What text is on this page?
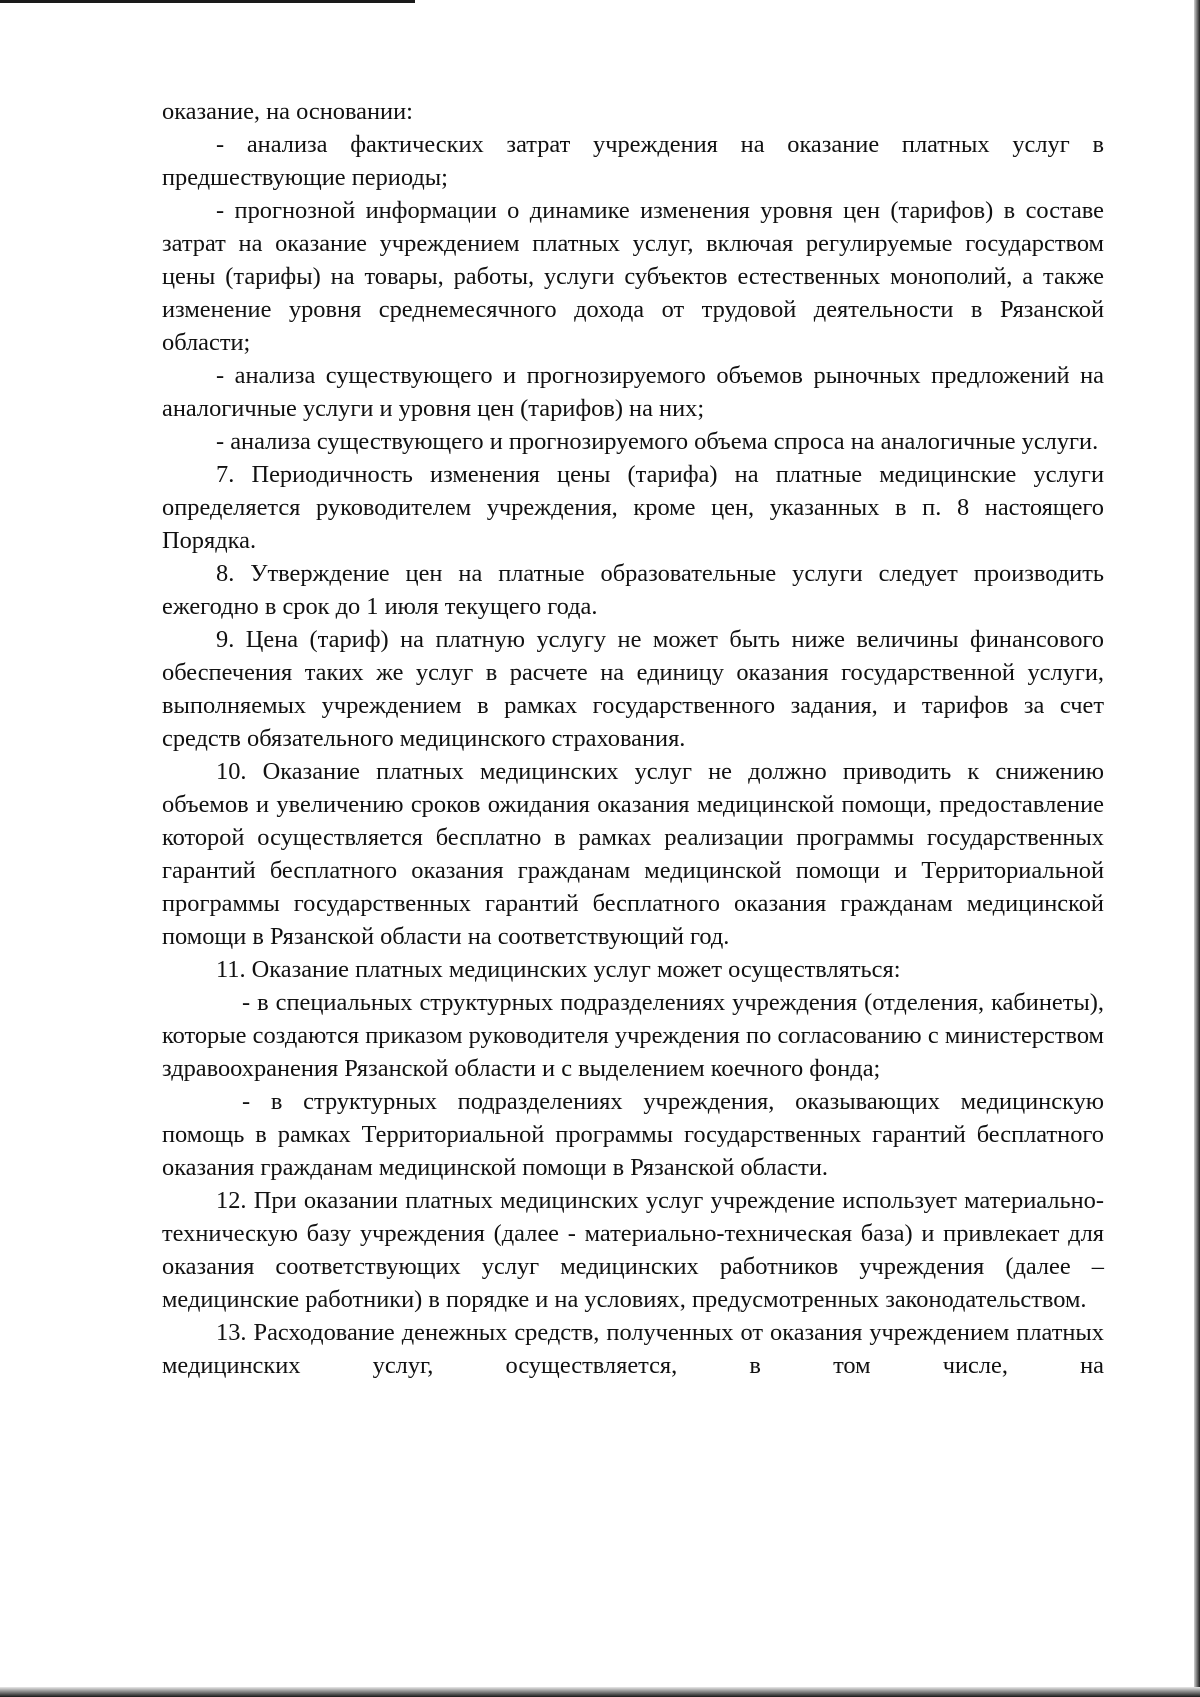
оказание, на основании:

- анализа фактических затрат учреждения на оказание платных услуг в предшествующие периоды;

- прогнозной информации о динамике изменения уровня цен (тарифов) в составе затрат на оказание учреждением платных услуг, включая регулируемые государством цены (тарифы) на товары, работы, услуги субъектов естественных монополий, а также изменение уровня среднемесячного дохода от трудовой деятельности в Рязанской области;

- анализа существующего и прогнозируемого объемов рыночных предложений на аналогичные услуги и уровня цен (тарифов) на них;

- анализа существующего и прогнозируемого объема спроса на аналогичные услуги.

7. Периодичность изменения цены (тарифа) на платные медицинские услуги определяется руководителем учреждения, кроме цен, указанных в п. 8 настоящего Порядка.

8. Утверждение цен на платные образовательные услуги следует производить ежегодно в срок до 1 июля текущего года.

9. Цена (тариф) на платную услугу не может быть ниже величины финансового обеспечения таких же услуг в расчете на единицу оказания государственной услуги, выполняемых учреждением в рамках государственного задания, и тарифов за счет средств обязательного медицинского страхования.

10. Оказание платных медицинских услуг не должно приводить к снижению объемов и увеличению сроков ожидания оказания медицинской помощи, предоставление которой осуществляется бесплатно в рамках реализации программы государственных гарантий бесплатного оказания гражданам медицинской помощи и Территориальной программы государственных гарантий бесплатного оказания гражданам медицинской помощи в Рязанской области на соответствующий год.

11. Оказание платных медицинских услуг может осуществляться:

- в специальных структурных подразделениях учреждения (отделения, кабинеты), которые создаются приказом руководителя учреждения по согласованию с министерством здравоохранения Рязанской области и с выделением коечного фонда;

- в структурных подразделениях учреждения, оказывающих медицинскую помощь в рамках Территориальной программы государственных гарантий бесплатного оказания гражданам медицинской помощи в Рязанской области.

12. При оказании платных медицинских услуг учреждение использует материально-техническую базу учреждения (далее - материально-техническая база) и привлекает для оказания соответствующих услуг медицинских работников учреждения (далее – медицинские работники) в порядке и на условиях, предусмотренных законодательством.

13. Расходование денежных средств, полученных от оказания учреждением платных медицинских услуг, осуществляется, в том числе, на
